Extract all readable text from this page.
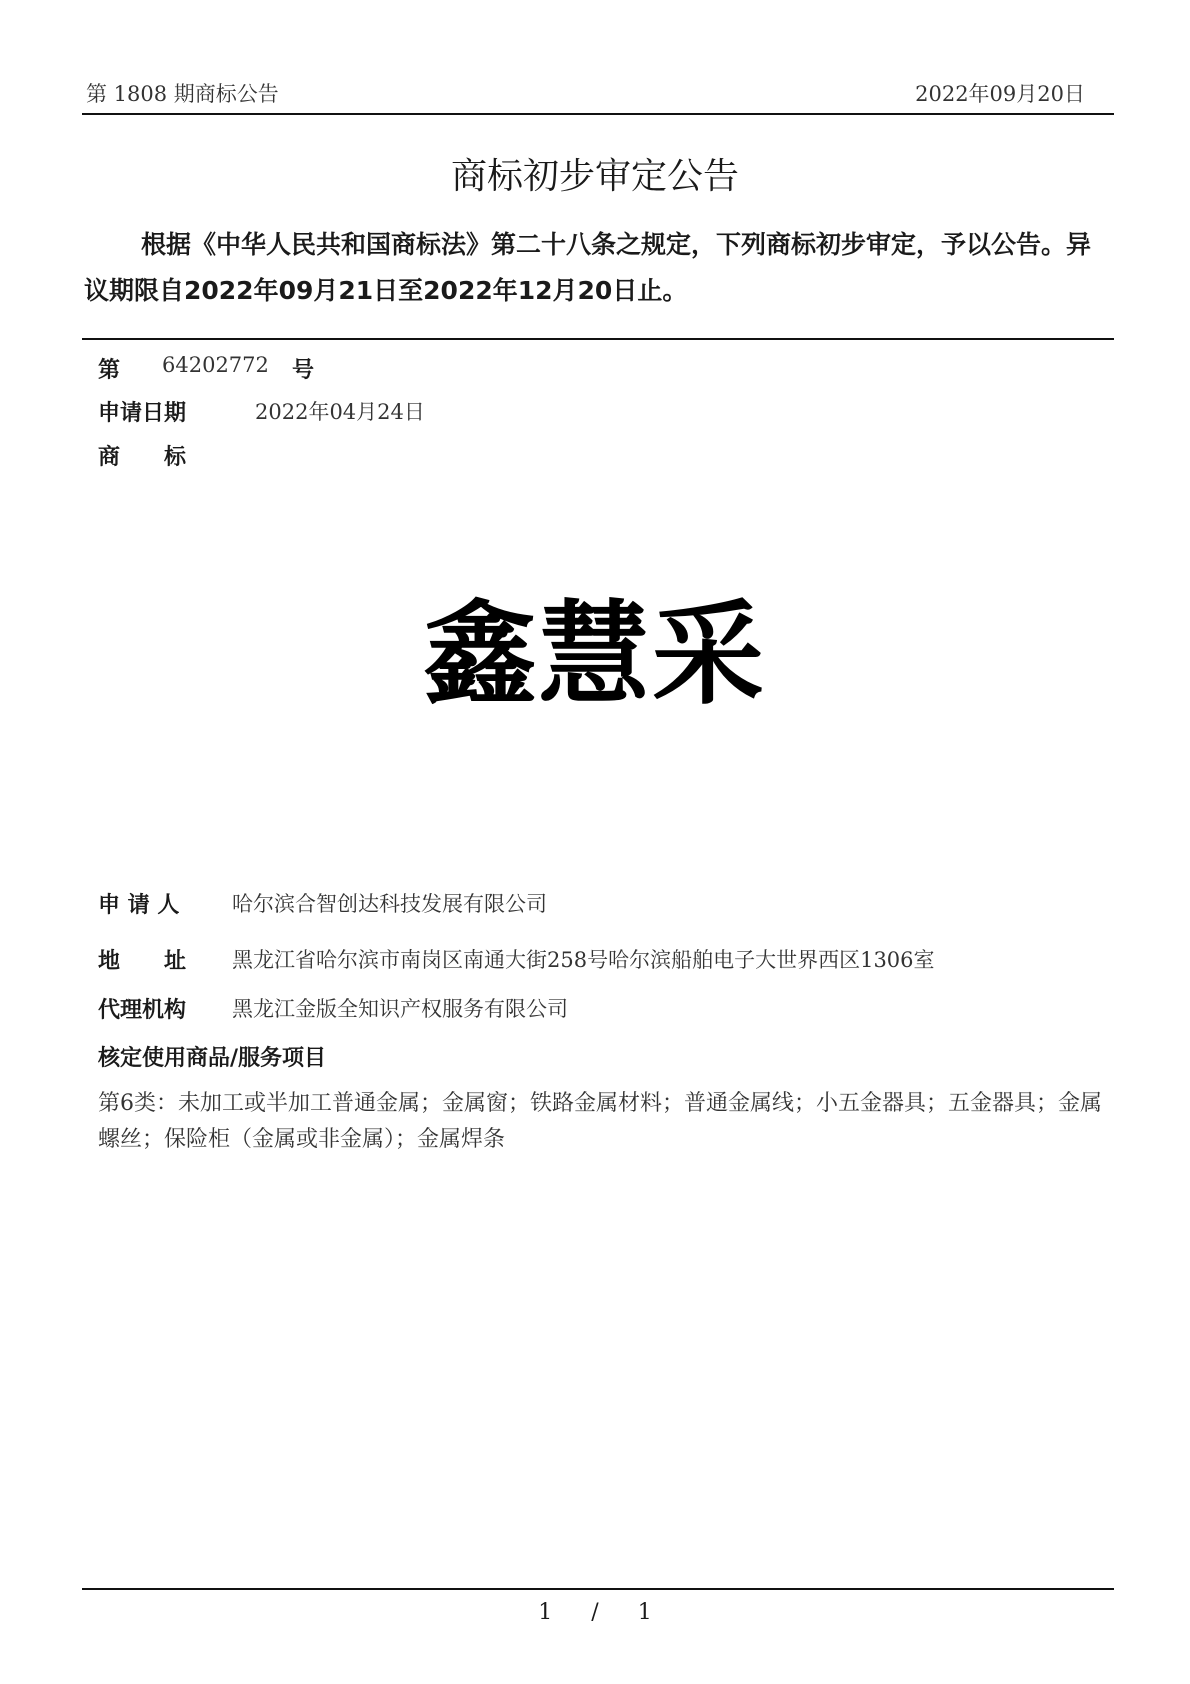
第 1808 期商标公告	2022年09月20日
商标初步审定公告
根据《中华人民共和国商标法》第二十八条之规定，下列商标初步审定，予以公告。异议期限自2022年09月21日至2022年12月20日止。
第 64202772 号
申请日期	2022年04月24日
商　　标
鑫慧采
申 请 人	哈尔滨合智创达科技发展有限公司
地　　址 黑龙江省哈尔滨市南岗区南通大街258号哈尔滨船舶电子大世界西区1306室
代理机构 黑龙江金版全知识产权服务有限公司
核定使用商品/服务项目
第6类：未加工或半加工普通金属；金属窗；铁路金属材料；普通金属线；小五金器具；五金器具；金属螺丝；保险柜（金属或非金属）；金属焊条
1 / 1
